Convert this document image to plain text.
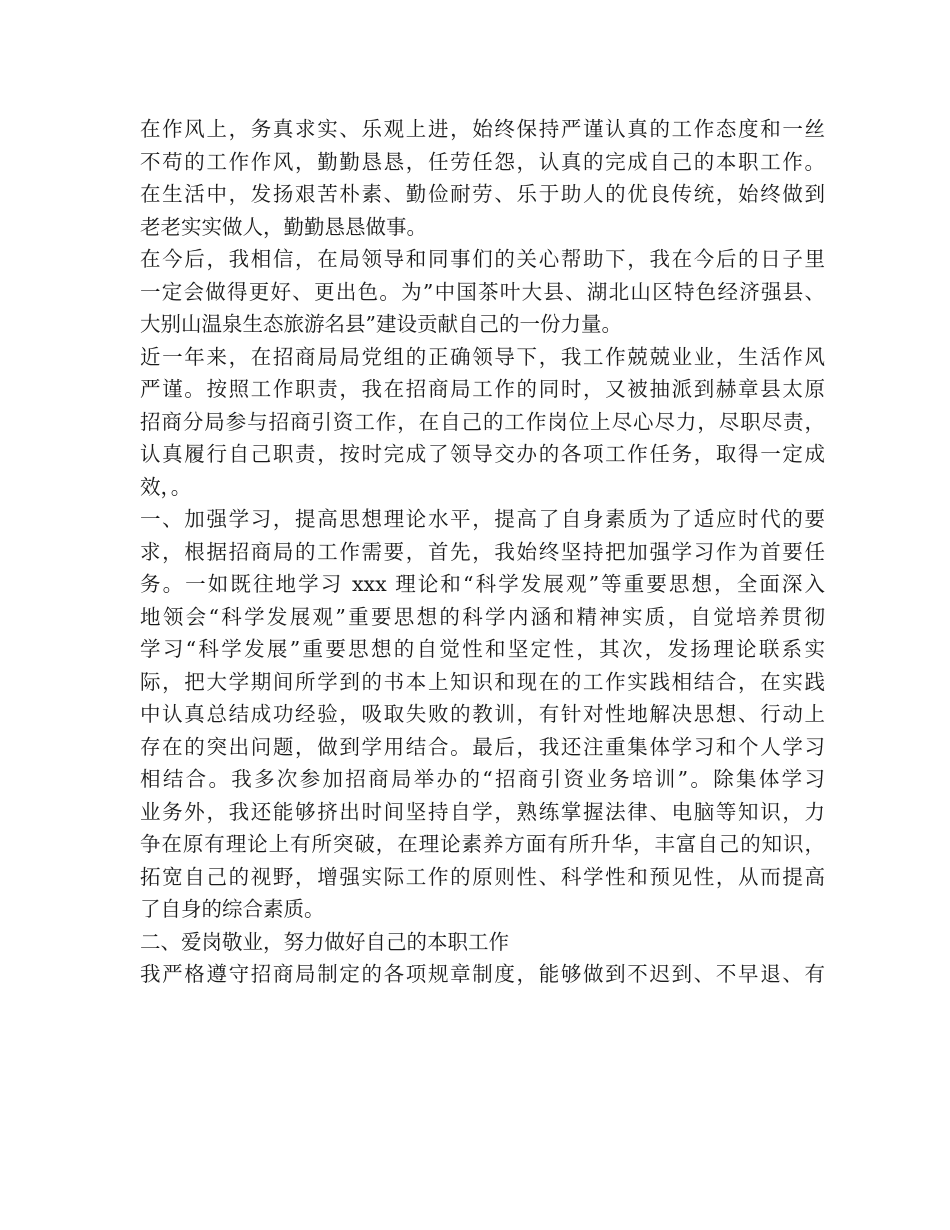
在作风上，务真求实、乐观上进，始终保持严谨认真的工作态度和一丝
不苟的工作作风，勤勤恳恳，任劳任怨，认真的完成自己的本职工作。
在生活中，发扬艰苦朴素、勤俭耐劳、乐于助人的优良传统，始终做到
老老实实做人，勤勤恳恳做事。
在今后，我相信，在局领导和同事们的关心帮助下，我在今后的日子里
一定会做得更好、更出色。为”中国茶叶大县、湖北山区特色经济强县、
大别山温泉生态旅游名县”建设贡献自己的一份力量。
近一年来，在招商局局党组的正确领导下，我工作兢兢业业，生活作风
严谨。按照工作职责，我在招商局工作的同时，又被抽派到赫章县太原
招商分局参与招商引资工作，在自己的工作岗位上尽心尽力，尽职尽责，
认真履行自己职责，按时完成了领导交办的各项工作任务，取得一定成
效，。
一、加强学习，提高思想理论水平，提高了自身素质为了适应时代的要
求，根据招商局的工作需要，首先，我始终坚持把加强学习作为首要任
务。一如既往地学习 xxx 理论和“科学发展观”等重要思想，全面深入
地领会“科学发展观”重要思想的科学内涵和精神实质，自觉培养贯彻
学习“科学发展”重要思想的自觉性和坚定性，其次，发扬理论联系实
际，把大学期间所学到的书本上知识和现在的工作实践相结合，在实践
中认真总结成功经验，吸取失败的教训，有针对性地解决思想、行动上
存在的突出问题，做到学用结合。最后，我还注重集体学习和个人学习
相结合。我多次参加招商局举办的“招商引资业务培训”。除集体学习
业务外，我还能够挤出时间坚持自学，熟练掌握法律、电脑等知识，力
争在原有理论上有所突破，在理论素养方面有所升华，丰富自己的知识，
拓宽自己的视野，增强实际工作的原则性、科学性和预见性，从而提高
了自身的综合素质。
二、爱岗敬业，努力做好自己的本职工作
我严格遵守招商局制定的各项规章制度，能够做到不迟到、不早退、有
